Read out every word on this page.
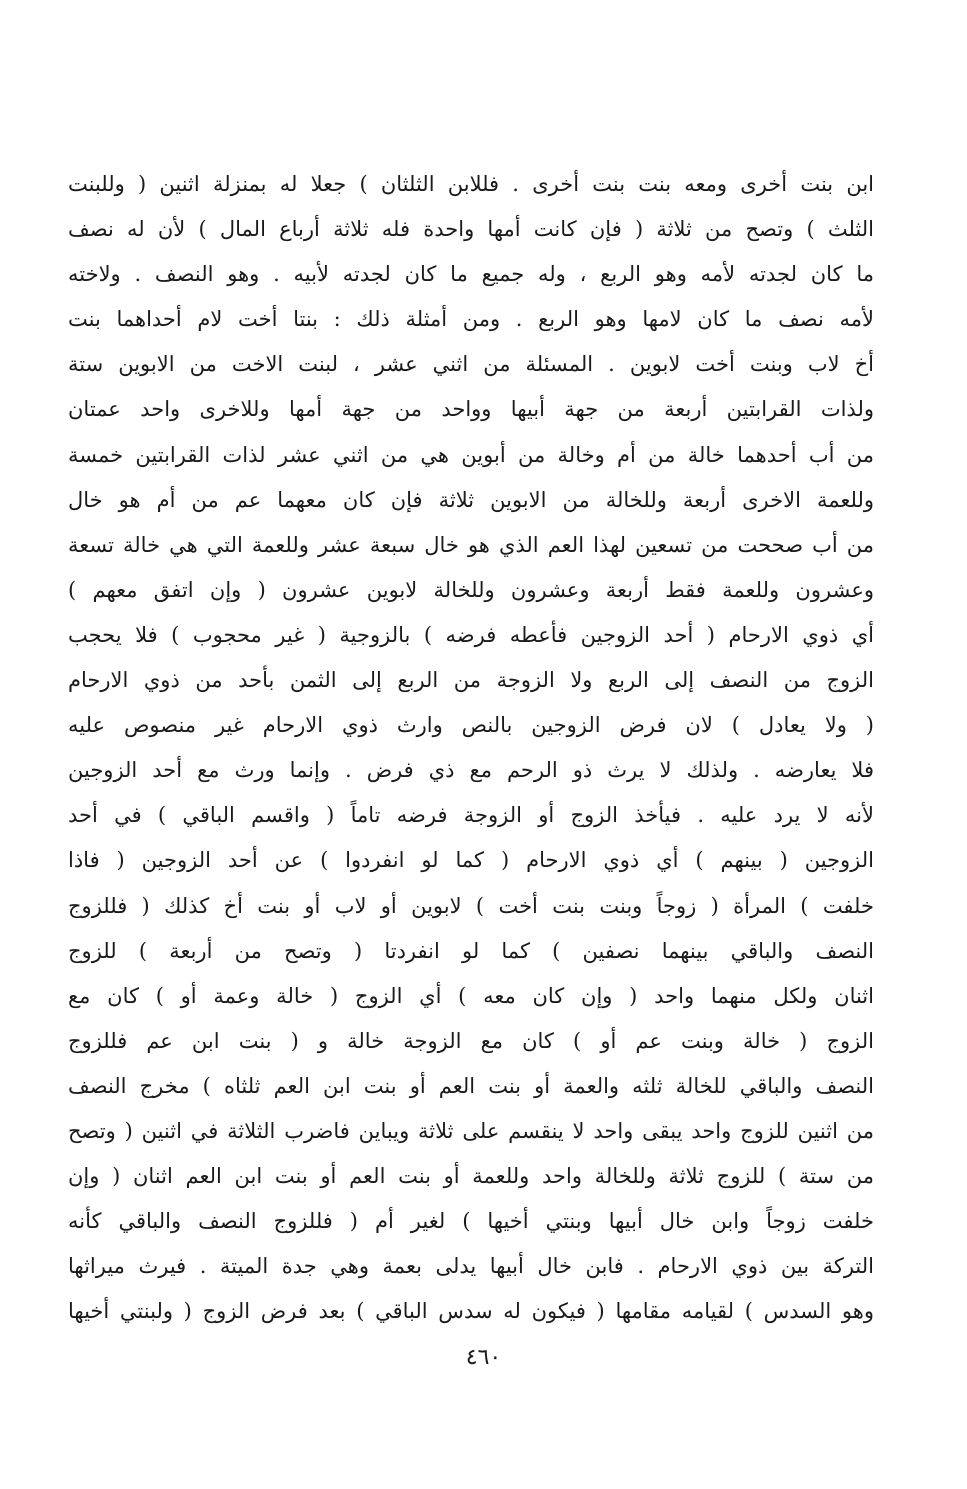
ابن بنت أخرى ومعه بنت بنت أخرى . فللابن الثلثان ) جعلا له بمنزلة اثنين ( وللبنت
الثلث ) وتصح من ثلاثة ( فإن كانت أمها واحدة فله ثلاثة أرباع المال ) لأن له نصف
ما كان لجدته لأمه وهو الربع ، وله جميع ما كان لجدته لأبيه . وهو النصف . ولاخته
لأمه نصف ما كان لامها وهو الربع . ومن أمثلة ذلك : بنتا أخت لام أحداهما بنت
أخ لاب وبنت أخت لابوين . المسئلة من اثني عشر ، لبنت الاخت من الابوين ستة
ولذات القرابتين أربعة من جهة أبيها وواحد من جهة أمها وللاخرى واحد عمتان
من أب أحدهما خالة من أم وخالة من أبوين هي من اثني عشر لذات القرابتين خمسة
وللعمة الاخرى أربعة وللخالة من الابوين ثلاثة فإن كان معهما عم من أم هو خال
من أب صححت من تسعين لهذا العم الذي هو خال سبعة عشر وللعمة التي هي خالة تسعة
وعشرون وللعمة فقط أربعة وعشرون وللخالة لابوين عشرون ( وإن اتفق معهم )
أي ذوي الارحام ( أحد الزوجين فأعطه فرضه ) بالزوجية ( غير محجوب ) فلا يحجب
الزوج من النصف إلى الربع ولا الزوجة من الربع إلى الثمن بأحد من ذوي الارحام
( ولا يعادل ) لان فرض الزوجين بالنص وارث ذوي الارحام غير منصوص عليه
فلا يعارضه . ولذلك لا يرث ذو الرحم مع ذي فرض . وإنما ورث مع أحد الزوجين
لأنه لا يرد عليه . فيأخذ الزوج أو الزوجة فرضه تاماً ( واقسم الباقي ) في أحد
الزوجين ( بينهم ) أي ذوي الارحام ( كما لو انفردوا ) عن أحد الزوجين ( فاذا
خلفت ) المرأة ( زوجاً وبنت بنت أخت ) لابوين أو لاب أو بنت أخ كذلك ( فللزوج
النصف والباقي بينهما نصفين ) كما لو انفردتا ( وتصح من أربعة ) للزوج
اثنان ولكل منهما واحد ( وإن كان معه ) أي الزوج ( خالة وعمة أو ) كان مع
الزوج ( خالة وبنت عم أو ) كان مع الزوجة خالة و ( بنت ابن عم فللزوج
النصف والباقي للخالة ثلثه والعمة أو بنت العم أو بنت ابن العم ثلثاه ) مخرج النصف
من اثنين للزوج واحد يبقى واحد لا ينقسم على ثلاثة ويباين فاضرب الثلاثة في اثنين ( وتصح
من ستة ) للزوج ثلاثة وللخالة واحد وللعمة أو بنت العم أو بنت ابن العم اثنان ( وإن
خلفت زوجاً وابن خال أبيها وبنتي أخيها ) لغير أم ( فللزوج النصف والباقي كأنه
التركة بين ذوي الارحام . فابن خال أبيها يدلى بعمة وهي جدة الميتة . فيرث ميراثها
وهو السدس ) لقيامه مقامها ( فيكون له سدس الباقي ) بعد فرض الزوج ( ولبنتي أخيها
٤٦٠
